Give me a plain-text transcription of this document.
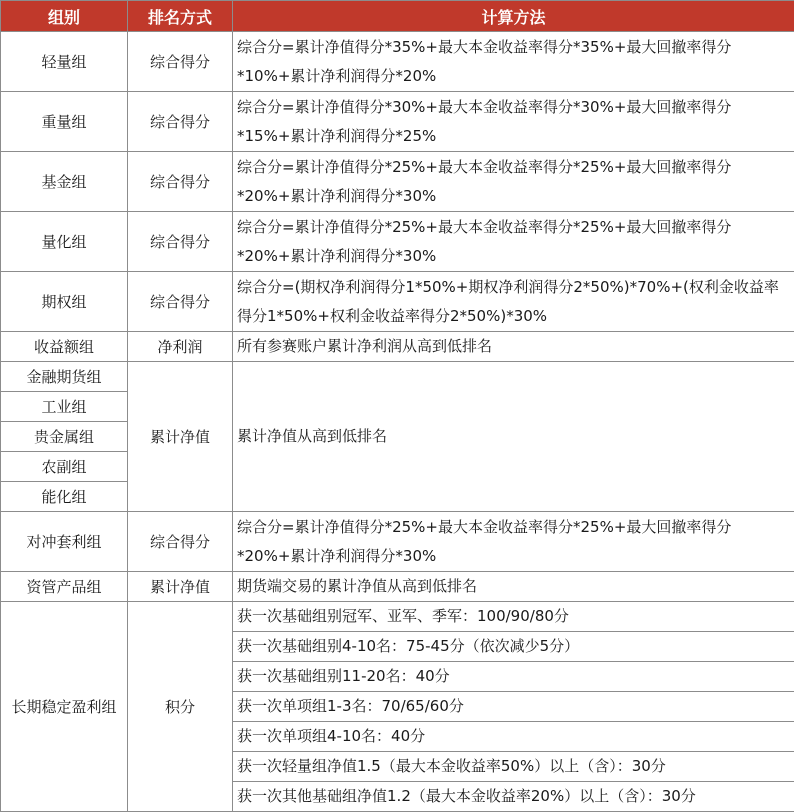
组别	排名方式	计算方法
轻量组	综合得分	综合分=累计净值得分*35%+最大本金收益率得分*35%+最大回撤率得分*10%+累计净利润得分*20%
重量组	综合得分	综合分=累计净值得分*30%+最大本金收益率得分*30%+最大回撤率得分*15%+累计净利润得分*25%
基金组	综合得分	综合分=累计净值得分*25%+最大本金收益率得分*25%+最大回撤率得分*20%+累计净利润得分*30%
量化组	综合得分	综合分=累计净值得分*25%+最大本金收益率得分*25%+最大回撤率得分*20%+累计净利润得分*30%
期权组	综合得分	综合分=(期权净利润得分1*50%+期权净利润得分2*50%)*70%+(权利金收益率得分1*50%+权利金收益率得分2*50%)*30%
收益额组	净利润	所有参赛账户累计净利润从高到低排名
金融期货组	累计净值	累计净值从高到低排名
工业组		
贵金属组		
农副组		
能化组		
对冲套利组	综合得分	综合分=累计净值得分*25%+最大本金收益率得分*25%+最大回撤率得分*20%+累计净利润得分*30%
资管产品组	累计净值	期货端交易的累计净值从高到低排名
长期稳定盈利组	积分	获一次基础组别冠军、亚军、季军：100/90/80分
		获一次基础组别4-10名：75-45分（依次减少5分）
		获一次基础组别11-20名：40分
		获一次单项组1-3名：70/65/60分
		获一次单项组4-10名：40分
		获一次轻量组净值1.5（最大本金收益率50%）以上（含）：30分
		获一次其他基础组净值1.2（最大本金收益率20%）以上（含）：30分
